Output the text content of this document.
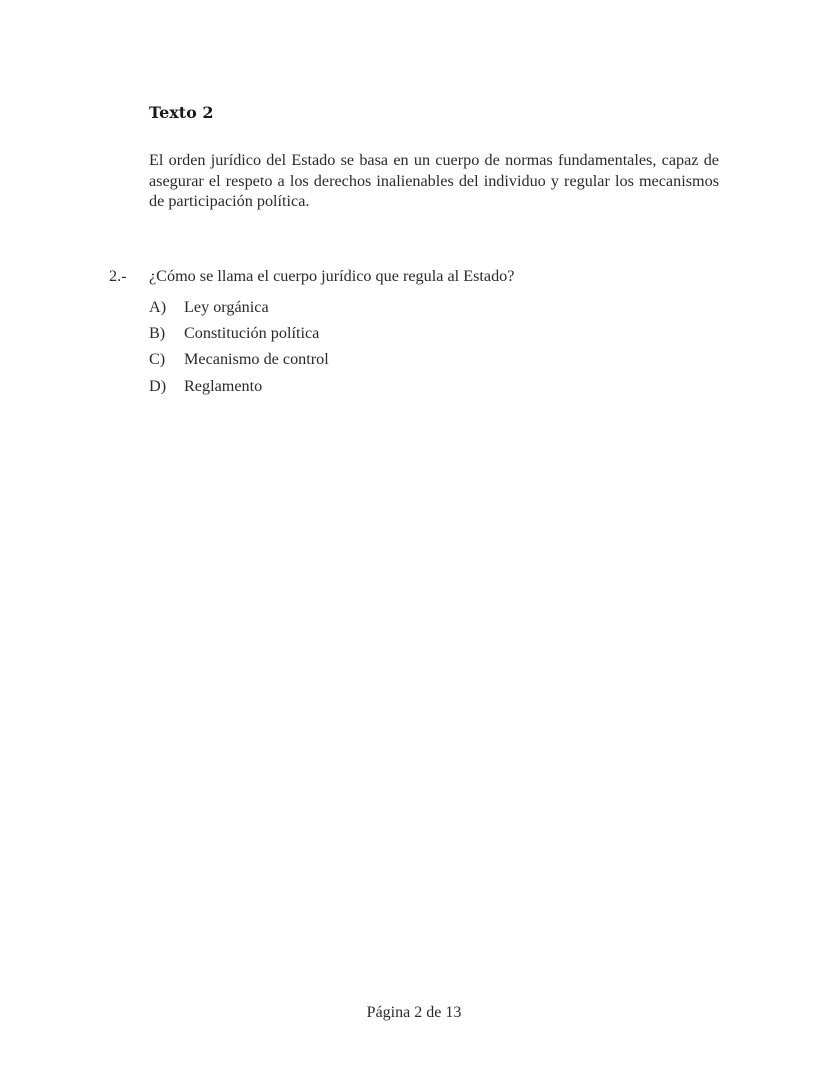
Texto 2
El orden jurídico del Estado se basa en un cuerpo de normas fundamentales, capaz de asegurar el respeto a los derechos inalienables del individuo y regular los mecanismos de participación política.
2.- ¿Cómo se llama el cuerpo jurídico que regula al Estado?
A) Ley orgánica
B) Constitución política
C) Mecanismo de control
D) Reglamento
Página 2 de 13
